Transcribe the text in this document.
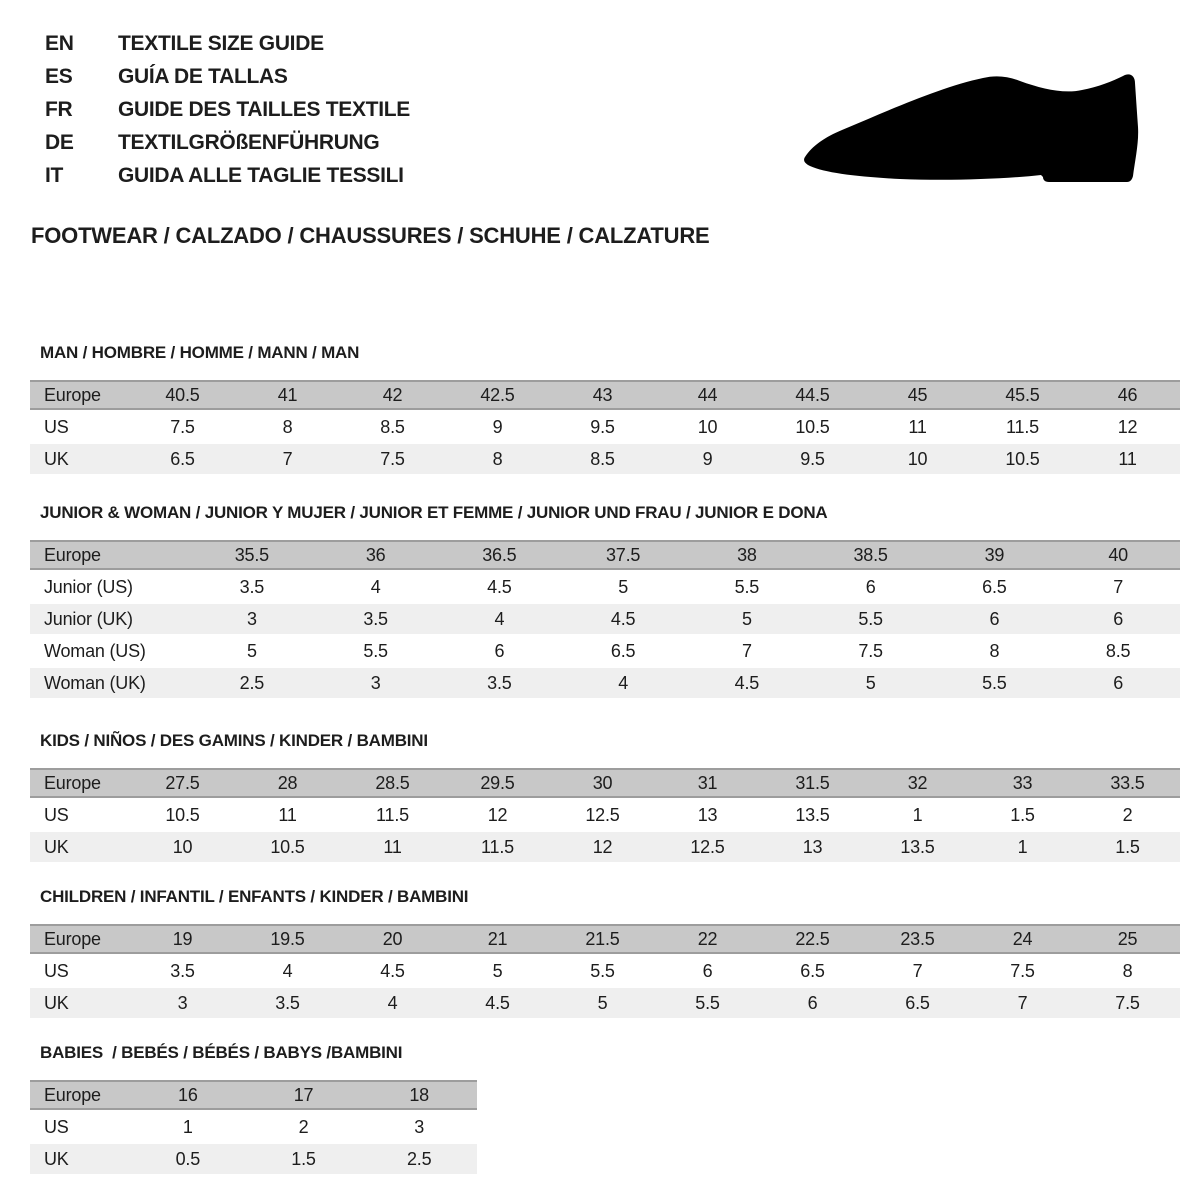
EN	TEXTILE SIZE GUIDE
ES	GUÍA DE TALLAS
FR	GUIDE DES TAILLES TEXTILE
DE	TEXTILGRÖßENFÜHRUNG
IT	GUIDA ALLE TAGLIE TESSILI
FOOTWEAR / CALZADO / CHAUSSURES / SCHUHE / CALZATURE
MAN / HOMBRE / HOMME / MANN / MAN
Europe	40.5	41	42	42.5	43	44	44.5	45	45.5	46
US	7.5	8	8.5	9	9.5	10	10.5	11	11.5	12
UK	6.5	7	7.5	8	8.5	9	9.5	10	10.5	11
JUNIOR & WOMAN / JUNIOR Y MUJER / JUNIOR ET FEMME / JUNIOR UND FRAU / JUNIOR E DONA
Europe	35.5	36	36.5	37.5	38	38.5	39	40
Junior (US)	3.5	4	4.5	5	5.5	6	6.5	7
Junior (UK)	3	3.5	4	4.5	5	5.5	6	6
Woman (US)	5	5.5	6	6.5	7	7.5	8	8.5
Woman (UK)	2.5	3	3.5	4	4.5	5	5.5	6
KIDS / NIÑOS / DES GAMINS / KINDER / BAMBINI
Europe	27.5	28	28.5	29.5	30	31	31.5	32	33	33.5
US	10.5	11	11.5	12	12.5	13	13.5	1	1.5	2
UK	10	10.5	11	11.5	12	12.5	13	13.5	1	1.5
CHILDREN / INFANTIL / ENFANTS / KINDER / BAMBINI
Europe	19	19.5	20	21	21.5	22	22.5	23.5	24	25
US	3.5	4	4.5	5	5.5	6	6.5	7	7.5	8
UK	3	3.5	4	4.5	5	5.5	6	6.5	7	7.5
BABIES  / BEBÉS / BÉBÉS / BABYS /BAMBINI
Europe	16	17	18
US	1	2	3
UK	0.5	1.5	2.5
